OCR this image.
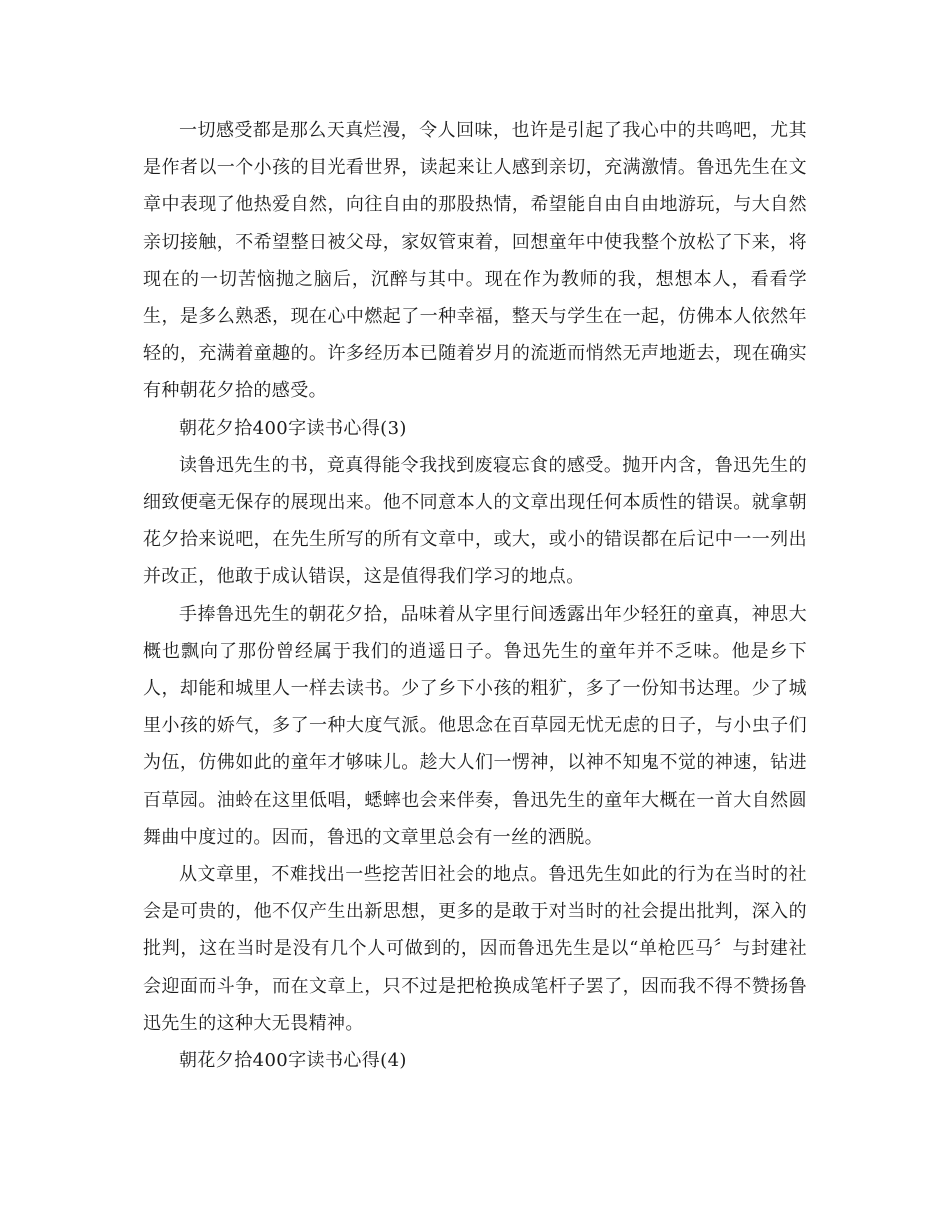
一切感受都是那么天真烂漫，令人回味，也许是引起了我心中的共鸣吧，尤其是作者以一个小孩的目光看世界，读起来让人感到亲切，充满激情。鲁迅先生在文章中表现了他热爱自然，向往自由的那股热情，希望能自由自由地游玩，与大自然亲切接触，不希望整日被父母，家奴管束着，回想童年中使我整个放松了下来，将现在的一切苦恼抛之脑后，沉醉与其中。现在作为教师的我，想想本人，看看学生，是多么熟悉，现在心中燃起了一种幸福，整天与学生在一起，仿佛本人依然年轻的，充满着童趣的。许多经历本已随着岁月的流逝而悄然无声地逝去，现在确实有种朝花夕拾的感受。

朝花夕拾400字读书心得(3)

读鲁迅先生的书，竟真得能令我找到废寝忘食的感受。抛开内含，鲁迅先生的细致便毫无保存的展现出来。他不同意本人的文章出现任何本质性的错误。就拿朝花夕拾来说吧，在先生所写的所有文章中，或大，或小的错误都在后记中一一列出并改正，他敢于成认错误，这是值得我们学习的地点。

手捧鲁迅先生的朝花夕拾，品味着从字里行间透露出年少轻狂的童真，神思大概也飘向了那份曾经属于我们的逍遥日子。鲁迅先生的童年并不乏味。他是乡下人，却能和城里人一样去读书。少了乡下小孩的粗犷，多了一份知书达理。少了城里小孩的娇气，多了一种大度气派。他思念在百草园无忧无虑的日子，与小虫子们为伍，仿佛如此的童年才够味儿。趁大人们一愣神，以神不知鬼不觉的神速，钻进百草园。油蛉在这里低唱，蟋蟀也会来伴奏，鲁迅先生的童年大概在一首大自然圆舞曲中度过的。因而，鲁迅的文章里总会有一丝的洒脱。

从文章里，不难找出一些挖苦旧社会的地点。鲁迅先生如此的行为在当时的社会是可贵的，他不仅产生出新思想，更多的是敢于对当时的社会提出批判，深入的批判，这在当时是没有几个人可做到的，因而鲁迅先生是以“单枪匹马〞与封建社会迎面而斗争，而在文章上，只不过是把枪换成笔杆子罢了，因而我不得不赞扬鲁迅先生的这种大无畏精神。

朝花夕拾400字读书心得(4)
